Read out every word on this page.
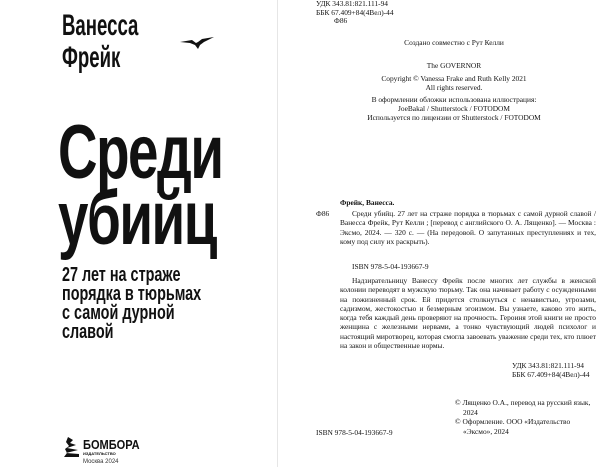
Ванесса
Фрейк
Среди
убийц
27 лет на страже
порядка в тюрьмах
с самой дурной
славой
БОМБОРА
ИЗДАТЕЛЬСТВО
Москва 2024
УДК 343.81:821.111-94
ББК 67.409+84(4Вел)-44
Ф86
Создано совместно с Рут Келли
The GOVERNOR
Copyright © Vanessa Frake and Ruth Kelly 2021
All rights reserved.
В оформлении обложки использована иллюстрация:
JoeBakal / Shutterstock / FOTODOM
Используется по лицензии от Shutterstock / FOTODOM
Фрейк, Ванесса.
Ф86	Среди убийц. 27 лет на страже порядка в тюрьмах с самой дурной славой / Ванесса Фрейк, Рут Келли ; [перевод с английского О. А. Лященко]. — Москва : Эксмо, 2024. — 320 с. — (На передовой. О запутанных преступлениях и тех, кому под силу их раскрыть).
ISBN 978-5-04-193667-9
Надзирательницу Ванессу Фрейк после многих лет службы в женской колонии переводят в мужскую тюрьму. Так она начинает работу с осужденными на пожизненный срок. Ей придется столкнуться с ненавистью, угрозами, садизмом, жестокостью и безмерным эгоизмом. Вы узнаете, каково это жить, когда тебя каждый день проверяют на прочность. Героиня этой книги не просто женщина с железными нервами, а тонко чувствующий людей психолог и настоящий миротворец, которая смогла завоевать уважение среди тех, кто плюет на закон и общественные нормы.
УДК 343.81:821.111-94
ББК 67.409+84(4Вел)-44
© Лященко О.А., перевод на русский язык, 2024
© Оформление. ООО «Издательство «Эксмо», 2024
ISBN 978-5-04-193667-9
